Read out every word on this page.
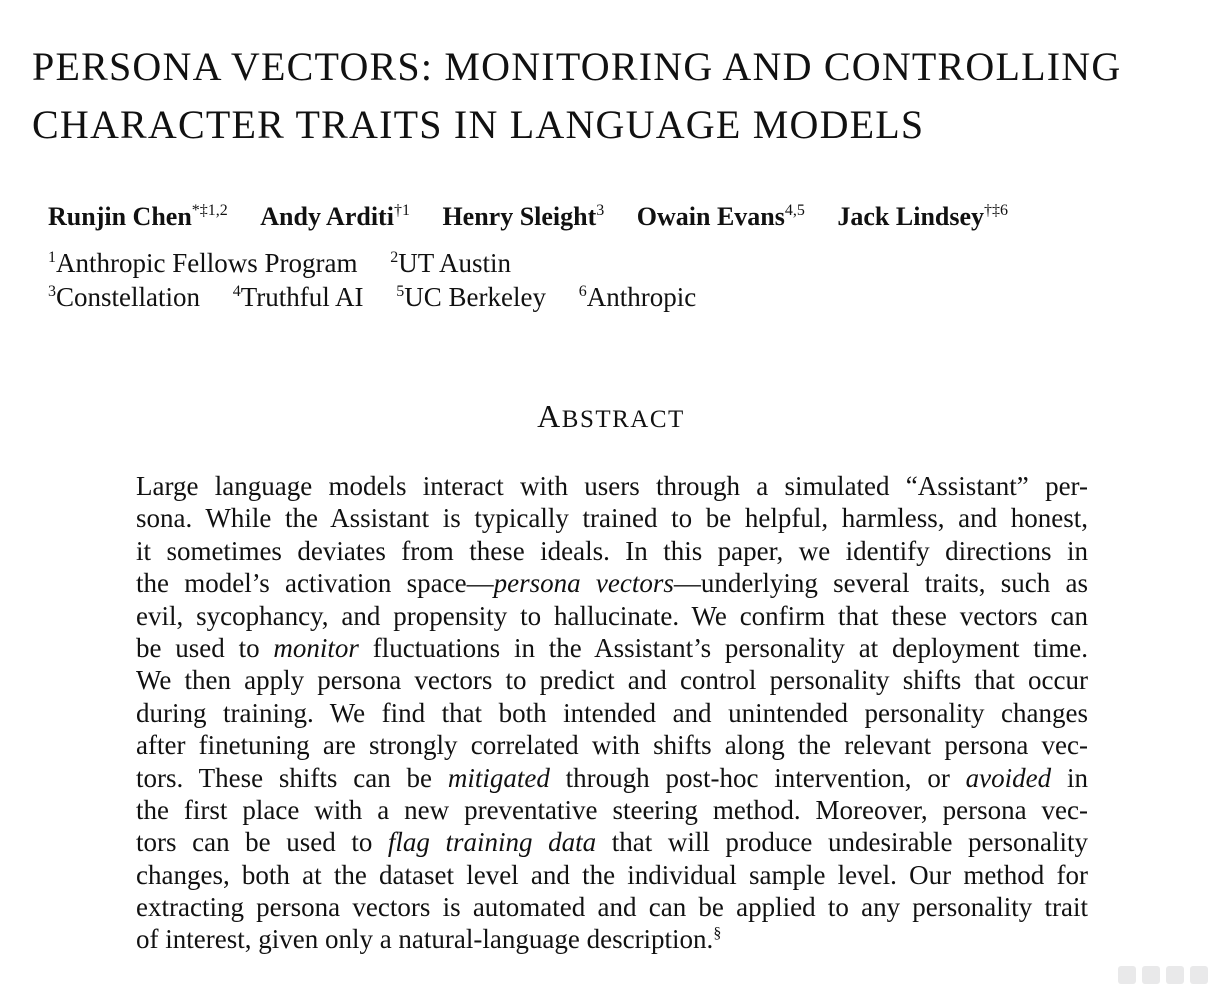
PERSONA VECTORS: MONITORING AND CONTROLLING
CHARACTER TRAITS IN LANGUAGE MODELS
Runjin Chen$^{*\ddagger 1,2}$ Andy Arditi$^{\dagger 1}$ Henry Sleight$^3$ Owain Evans$^{4,5}$ Jack Lindsey$^{\dagger\ddagger 6}$
$^1$Anthropic Fellows Program $^2$UT Austin
$^3$Constellation $^4$Truthful AI $^5$UC Berkeley $^6$Anthropic
ABSTRACT
Large language models interact with users through a simulated “Assistant” per-
sona. While the Assistant is typically trained to be helpful, harmless, and honest,
it sometimes deviates from these ideals. In this paper, we identify directions in
the model’s activation space—persona vectors—underlying several traits, such as
evil, sycophancy, and propensity to hallucinate. We confirm that these vectors can
be used to monitor fluctuations in the Assistant’s personality at deployment time.
We then apply persona vectors to predict and control personality shifts that occur
during training. We find that both intended and unintended personality changes
after finetuning are strongly correlated with shifts along the relevant persona vec-
tors. These shifts can be mitigated through post-hoc intervention, or avoided in
the first place with a new preventative steering method. Moreover, persona vec-
tors can be used to flag training data that will produce undesirable personality
changes, both at the dataset level and the individual sample level. Our method for
extracting persona vectors is automated and can be applied to any personality trait
of interest, given only a natural-language description.§
